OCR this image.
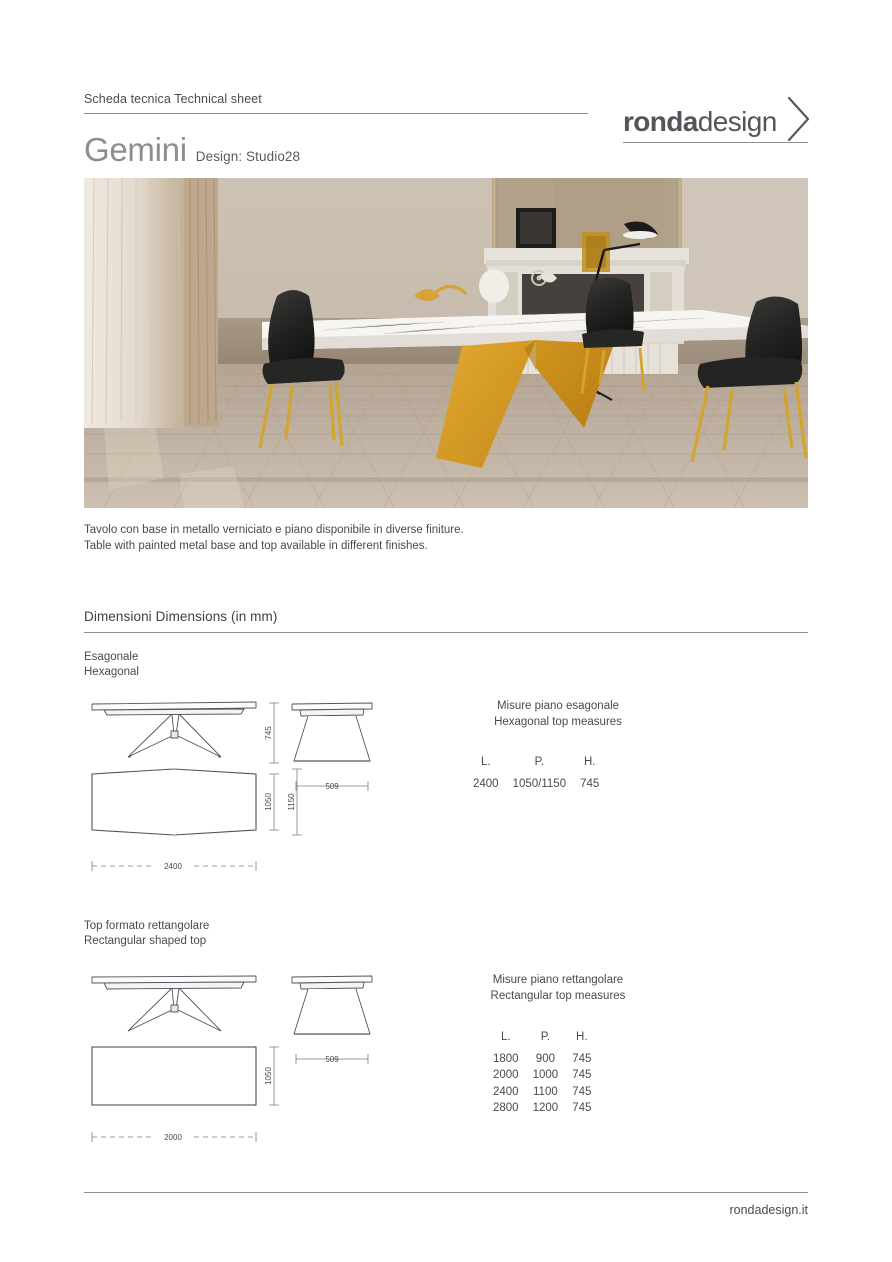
Scheda tecnica Technical sheet
ronda design
Gemini Design: Studio28
Tavolo con base in metallo verniciato e piano disponibile in diverse finiture.
Table with painted metal base and top available in different finishes.
Dimensioni Dimensions (in mm)
Esagonale
Hexagonal
745
509
1050 1150
2400
Misure piano esagonale
Hexagonal top measures
L.	P.	H.
2400	1050/1150	745
Top formato rettangolare
Rectangular shaped top
509
1050
2000
Misure piano rettangolare
Rectangular top measures
L.	P.	H.
1800	900	745
2000	1000	745
2400	1100	745
2800	1200	745
rondadesign.it
